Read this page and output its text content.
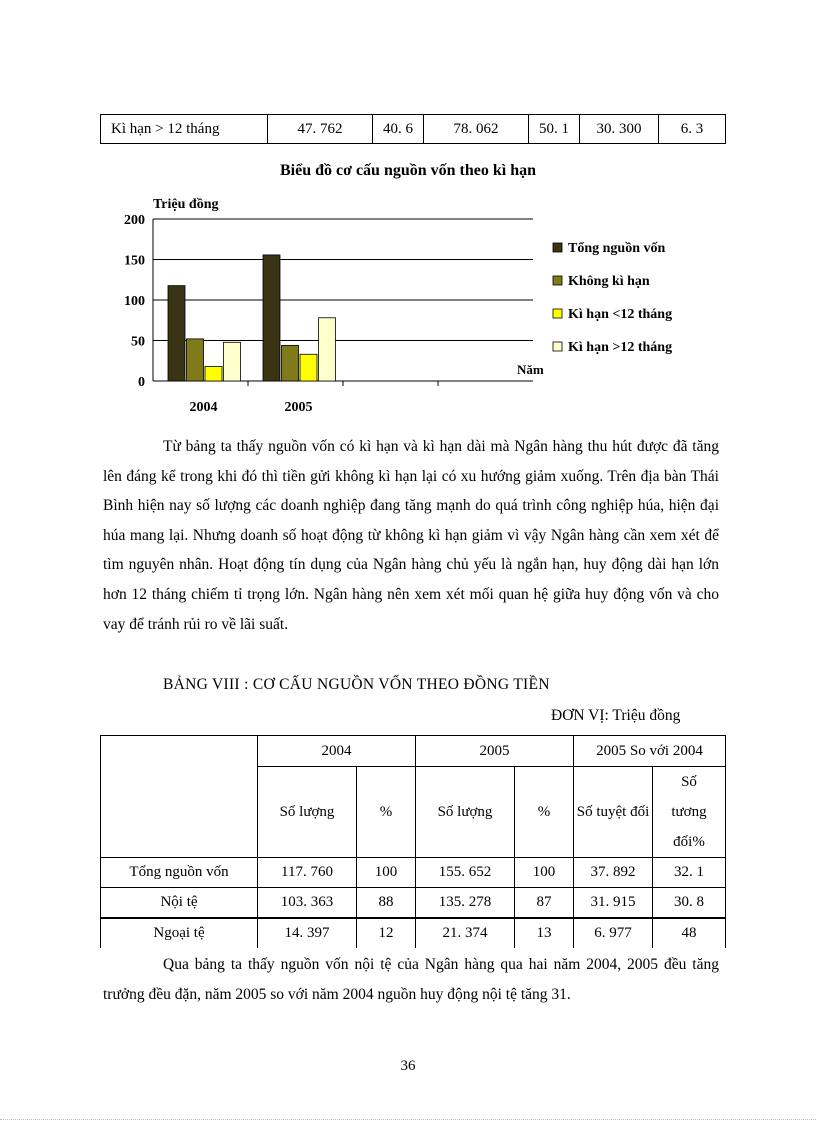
Kì hạn > 12 tháng	47. 762	40. 6	78. 062	50. 1	30. 300	6. 3
Biểu đồ cơ cấu nguồn vốn theo kì hạn
Triệu đồng
0
50
100
150
200
2004	2005
Năm
Tổng nguồn vốn
Không kì hạn
Kì hạn <12 tháng
Kì hạn >12 tháng

Từ bảng ta thấy nguồn vốn có kì hạn và kì hạn dài mà Ngân hàng thu hút được đã tăng lên đáng kể trong khi đó thì tiền gửi không kì hạn lại có xu hướng giảm xuống. Trên địa bàn Thái Bình hiện nay số lượng các doanh nghiệp đang tăng mạnh do quá trình công nghiệp húa, hiện đại húa mang lại. Nhưng doanh số hoạt động từ không kì hạn giảm vì vậy Ngân hàng cần xem xét để tìm nguyên nhân. Hoạt động tín dụng của Ngân hàng chủ yếu là ngắn hạn, huy động dài hạn lớn hơn 12 tháng chiếm tỉ trọng lớn. Ngân hàng nên xem xét mối quan hệ giữa huy động vốn và cho vay để tránh rủi ro về lãi suất.

BẢNG VIII : CƠ CẤU NGUỒN VỐN THEO ĐỒNG TIỀN
ĐƠN VỊ: Triệu đồng
	2004		2005		2005 So với 2004	
	Số lượng	%	Số lượng	%	Số tuyệt đối	Số tương đối%
Tổng nguồn vốn	117. 760	100	155. 652	100	37. 892	32. 1
Nội tệ	103. 363	88	135. 278	87	31. 915	30. 8
Ngoại tệ	14. 397	12	21. 374	13	6. 977	48

Qua bảng ta thấy nguồn vốn nội tệ của Ngân hàng qua hai năm 2004, 2005 đều tăng trưởng đều đặn, năm 2005 so với năm 2004 nguồn huy động nội tệ tăng 31.

36
